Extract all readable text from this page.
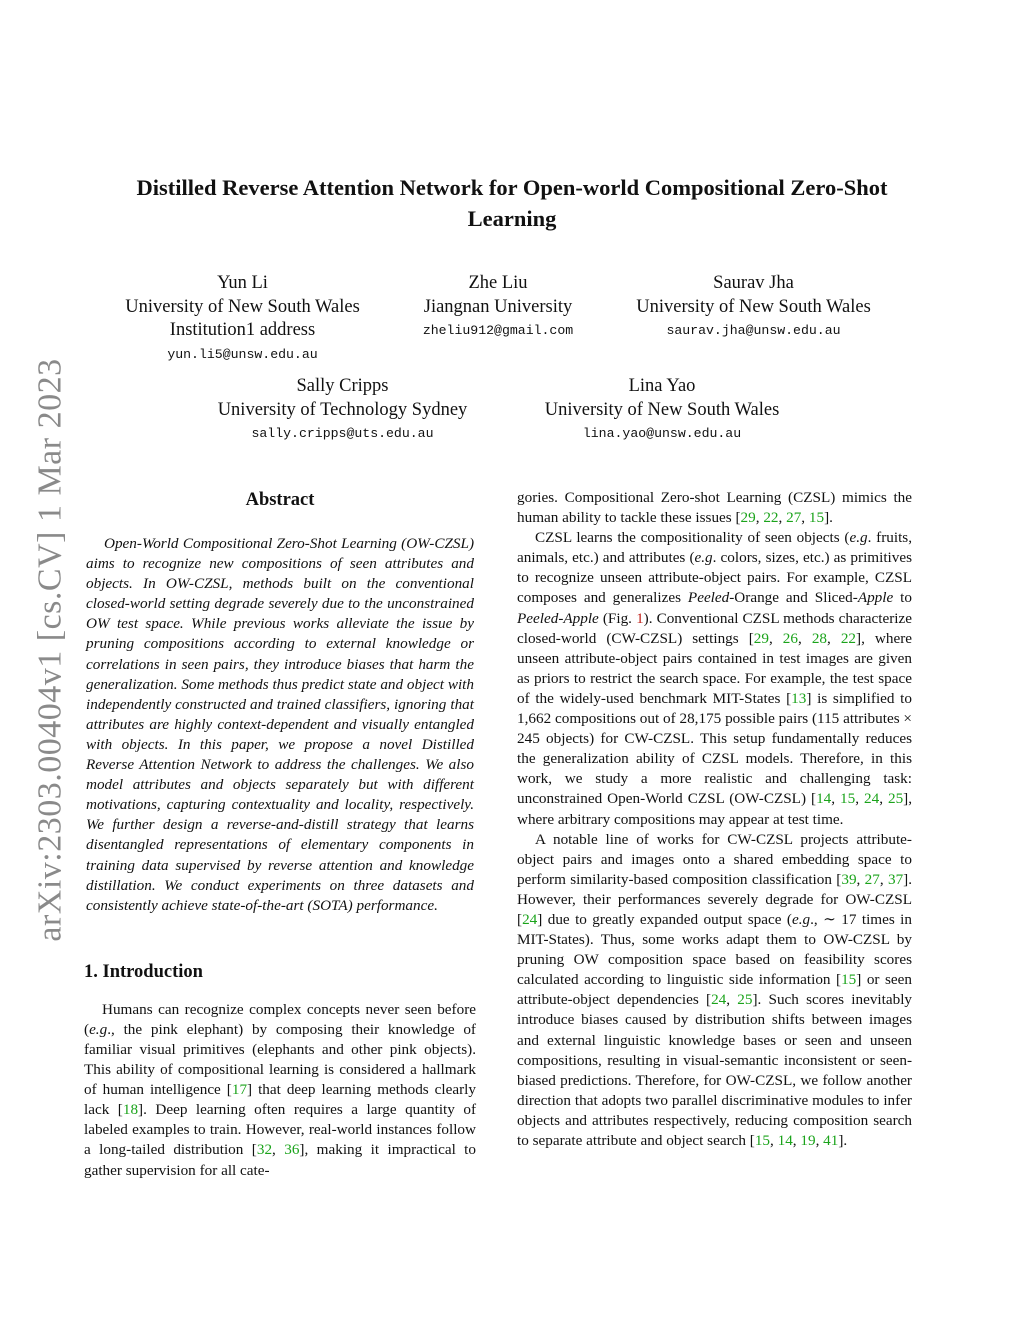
arXiv:2303.00404v1 [cs.CV] 1 Mar 2023
Distilled Reverse Attention Network for Open-world Compositional Zero-Shot Learning
Yun Li
University of New South Wales
Institution1 address
yun.li5@unsw.edu.au
Zhe Liu
Jiangnan University
zheliu912@gmail.com
Saurav Jha
University of New South Wales
saurav.jha@unsw.edu.au
Sally Cripps
University of Technology Sydney
sally.cripps@uts.edu.au
Lina Yao
University of New South Wales
lina.yao@unsw.edu.au
Abstract

Open-World Compositional Zero-Shot Learning (OW-CZSL) aims to recognize new compositions of seen attributes and objects. In OW-CZSL, methods built on the conventional closed-world setting degrade severely due to the unconstrained OW test space. While previous works alleviate the issue by pruning compositions according to external knowledge or correlations in seen pairs, they introduce biases that harm the generalization. Some methods thus predict state and object with independently constructed and trained classifiers, ignoring that attributes are highly context-dependent and visually entangled with objects. In this paper, we propose a novel Distilled Reverse Attention Network to address the challenges. We also model attributes and objects separately but with different motivations, capturing contextuality and locality, respectively. We further design a reverse-and-distill strategy that learns disentangled representations of elementary components in training data supervised by reverse attention and knowledge distillation. We conduct experiments on three datasets and consistently achieve state-of-the-art (SOTA) performance.

1. Introduction

Humans can recognize complex concepts never seen before (e.g., the pink elephant) by composing their knowledge of familiar visual primitives (elephants and other pink objects). This ability of compositional learning is considered a hallmark of human intelligence [17] that deep learning methods clearly lack [18]. Deep learning often requires a large quantity of labeled examples to train. However, real-world instances follow a long-tailed distribution [32, 36], making it impractical to gather supervision for all cate-

gories. Compositional Zero-shot Learning (CZSL) mimics the human ability to tackle these issues [29, 22, 27, 15].

CZSL learns the compositionality of seen objects (e.g. fruits, animals, etc.) and attributes (e.g. colors, sizes, etc.) as primitives to recognize unseen attribute-object pairs. For example, CZSL composes and generalizes Peeled-Orange and Sliced-Apple to Peeled-Apple (Fig. 1). Conventional CZSL methods characterize closed-world (CW-CZSL) settings [29, 26, 28, 22], where unseen attribute-object pairs contained in test images are given as priors to restrict the search space. For example, the test space of the widely-used benchmark MIT-States [13] is simplified to 1,662 compositions out of 28,175 possible pairs (115 attributes × 245 objects) for CW-CZSL. This setup fundamentally reduces the generalization ability of CZSL models. Therefore, in this work, we study a more realistic and challenging task: unconstrained Open-World CZSL (OW-CZSL) [14, 15, 24, 25], where arbitrary compositions may appear at test time.

A notable line of works for CW-CZSL projects attribute-object pairs and images onto a shared embedding space to perform similarity-based composition classification [39, 27, 37]. However, their performances severely degrade for OW-CZSL [24] due to greatly expanded output space (e.g., ∼ 17 times in MIT-States). Thus, some works adapt them to OW-CZSL by pruning OW composition space based on feasibility scores calculated according to linguistic side information [15] or seen attribute-object dependencies [24, 25]. Such scores inevitably introduce biases caused by distribution shifts between images and external linguistic knowledge bases or seen and unseen compositions, resulting in visual-semantic inconsistent or seen-biased predictions. Therefore, for OW-CZSL, we follow another direction that adopts two parallel discriminative modules to infer objects and attributes respectively, reducing composition search to separate attribute and object search [15, 14, 19, 41].
